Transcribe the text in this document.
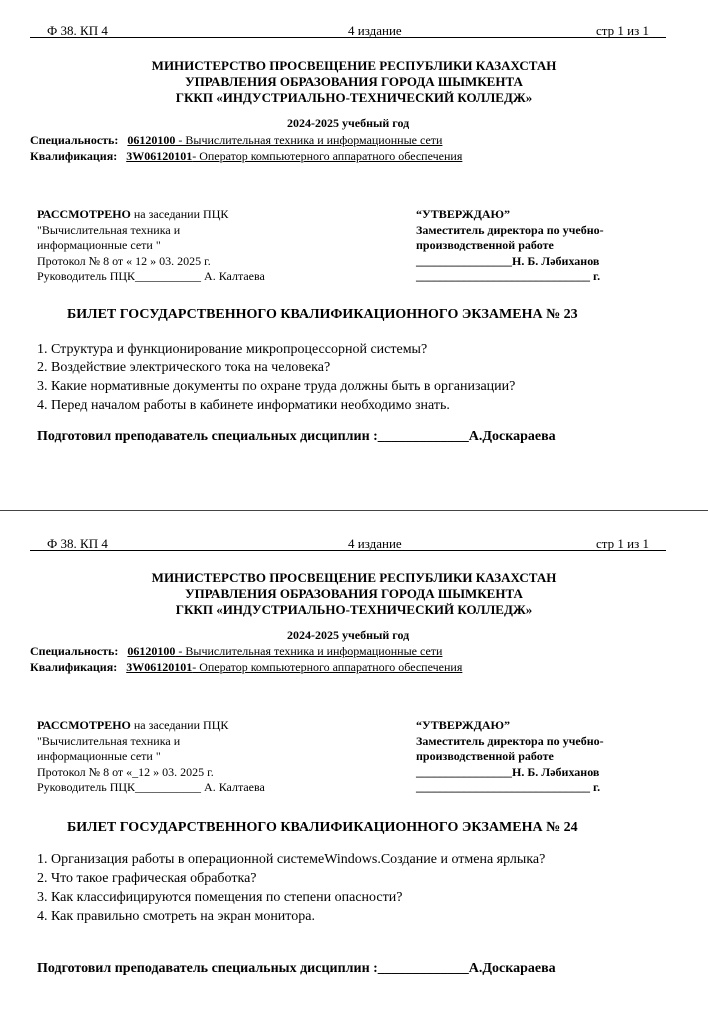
Ф 38. КП 4	4 издание	стр 1 из 1
МИНИСТЕРСТВО ПРОСВЕЩЕНИЕ РЕСПУБЛИКИ КАЗАХСТАН
УПРАВЛЕНИЯ ОБРАЗОВАНИЯ ГОРОДА ШЫМКЕНТА
ГККП «ИНДУСТРИАЛЬНО-ТЕХНИЧЕСКИЙ КОЛЛЕДЖ»
2024-2025 учебный год
Специальность: 06120100 - Вычислительная техника и информационные сети
Квалификация: 3W06120101- Оператор компьютерного аппаратного обеспечения
РАССМОТРЕНО на заседании ПЦК
"Вычислительная техника и
информационные сети "
Протокол № 8 от « 12 » 03. 2025 г.
Руководитель ПЦК___________ А. Калтаева
“УТВЕРЖДАЮ”
Заместитель директора по учебно-
производственной работе
________________Н. Б. Лəбиханов
_____________________________ г.
БИЛЕТ ГОСУДАРСТВЕННОГО КВАЛИФИКАЦИОННОГО ЭКЗАМЕНА № 23
1. Структура и функционирование микропроцессорной системы?
2. Воздействие электрического тока на человека?
3. Какие нормативные документы по охране труда должны быть в организации?
4. Перед началом работы в кабинете информатики необходимо знать.
Подготовил преподаватель специальных дисциплин :_____________А.Доскараева
Ф 38. КП 4	4 издание	стр 1 из 1
МИНИСТЕРСТВО ПРОСВЕЩЕНИЕ РЕСПУБЛИКИ КАЗАХСТАН
УПРАВЛЕНИЯ ОБРАЗОВАНИЯ ГОРОДА ШЫМКЕНТА
ГККП «ИНДУСТРИАЛЬНО-ТЕХНИЧЕСКИЙ КОЛЛЕДЖ»
2024-2025 учебный год
Специальность: 06120100 - Вычислительная техника и информационные сети
Квалификация: 3W06120101- Оператор компьютерного аппаратного обеспечения
РАССМОТРЕНО на заседании ПЦК
"Вычислительная техника и
информационные сети "
Протокол № 8 от «_12 » 03. 2025 г.
Руководитель ПЦК___________ А. Калтаева
“УТВЕРЖДАЮ”
Заместитель директора по учебно-
производственной работе
________________Н. Б. Лəбиханов
_____________________________ г.
БИЛЕТ ГОСУДАРСТВЕННОГО КВАЛИФИКАЦИОННОГО ЭКЗАМЕНА № 24
1. Организация работы в операционной системеWindows.Создание и отмена ярлыка?
2. Что такое графическая обработка?
3. Как классифицируются помещения по степени опасности?
4. Как правильно смотреть на экран монитора.
Подготовил преподаватель специальных дисциплин :_____________А.Доскараева
